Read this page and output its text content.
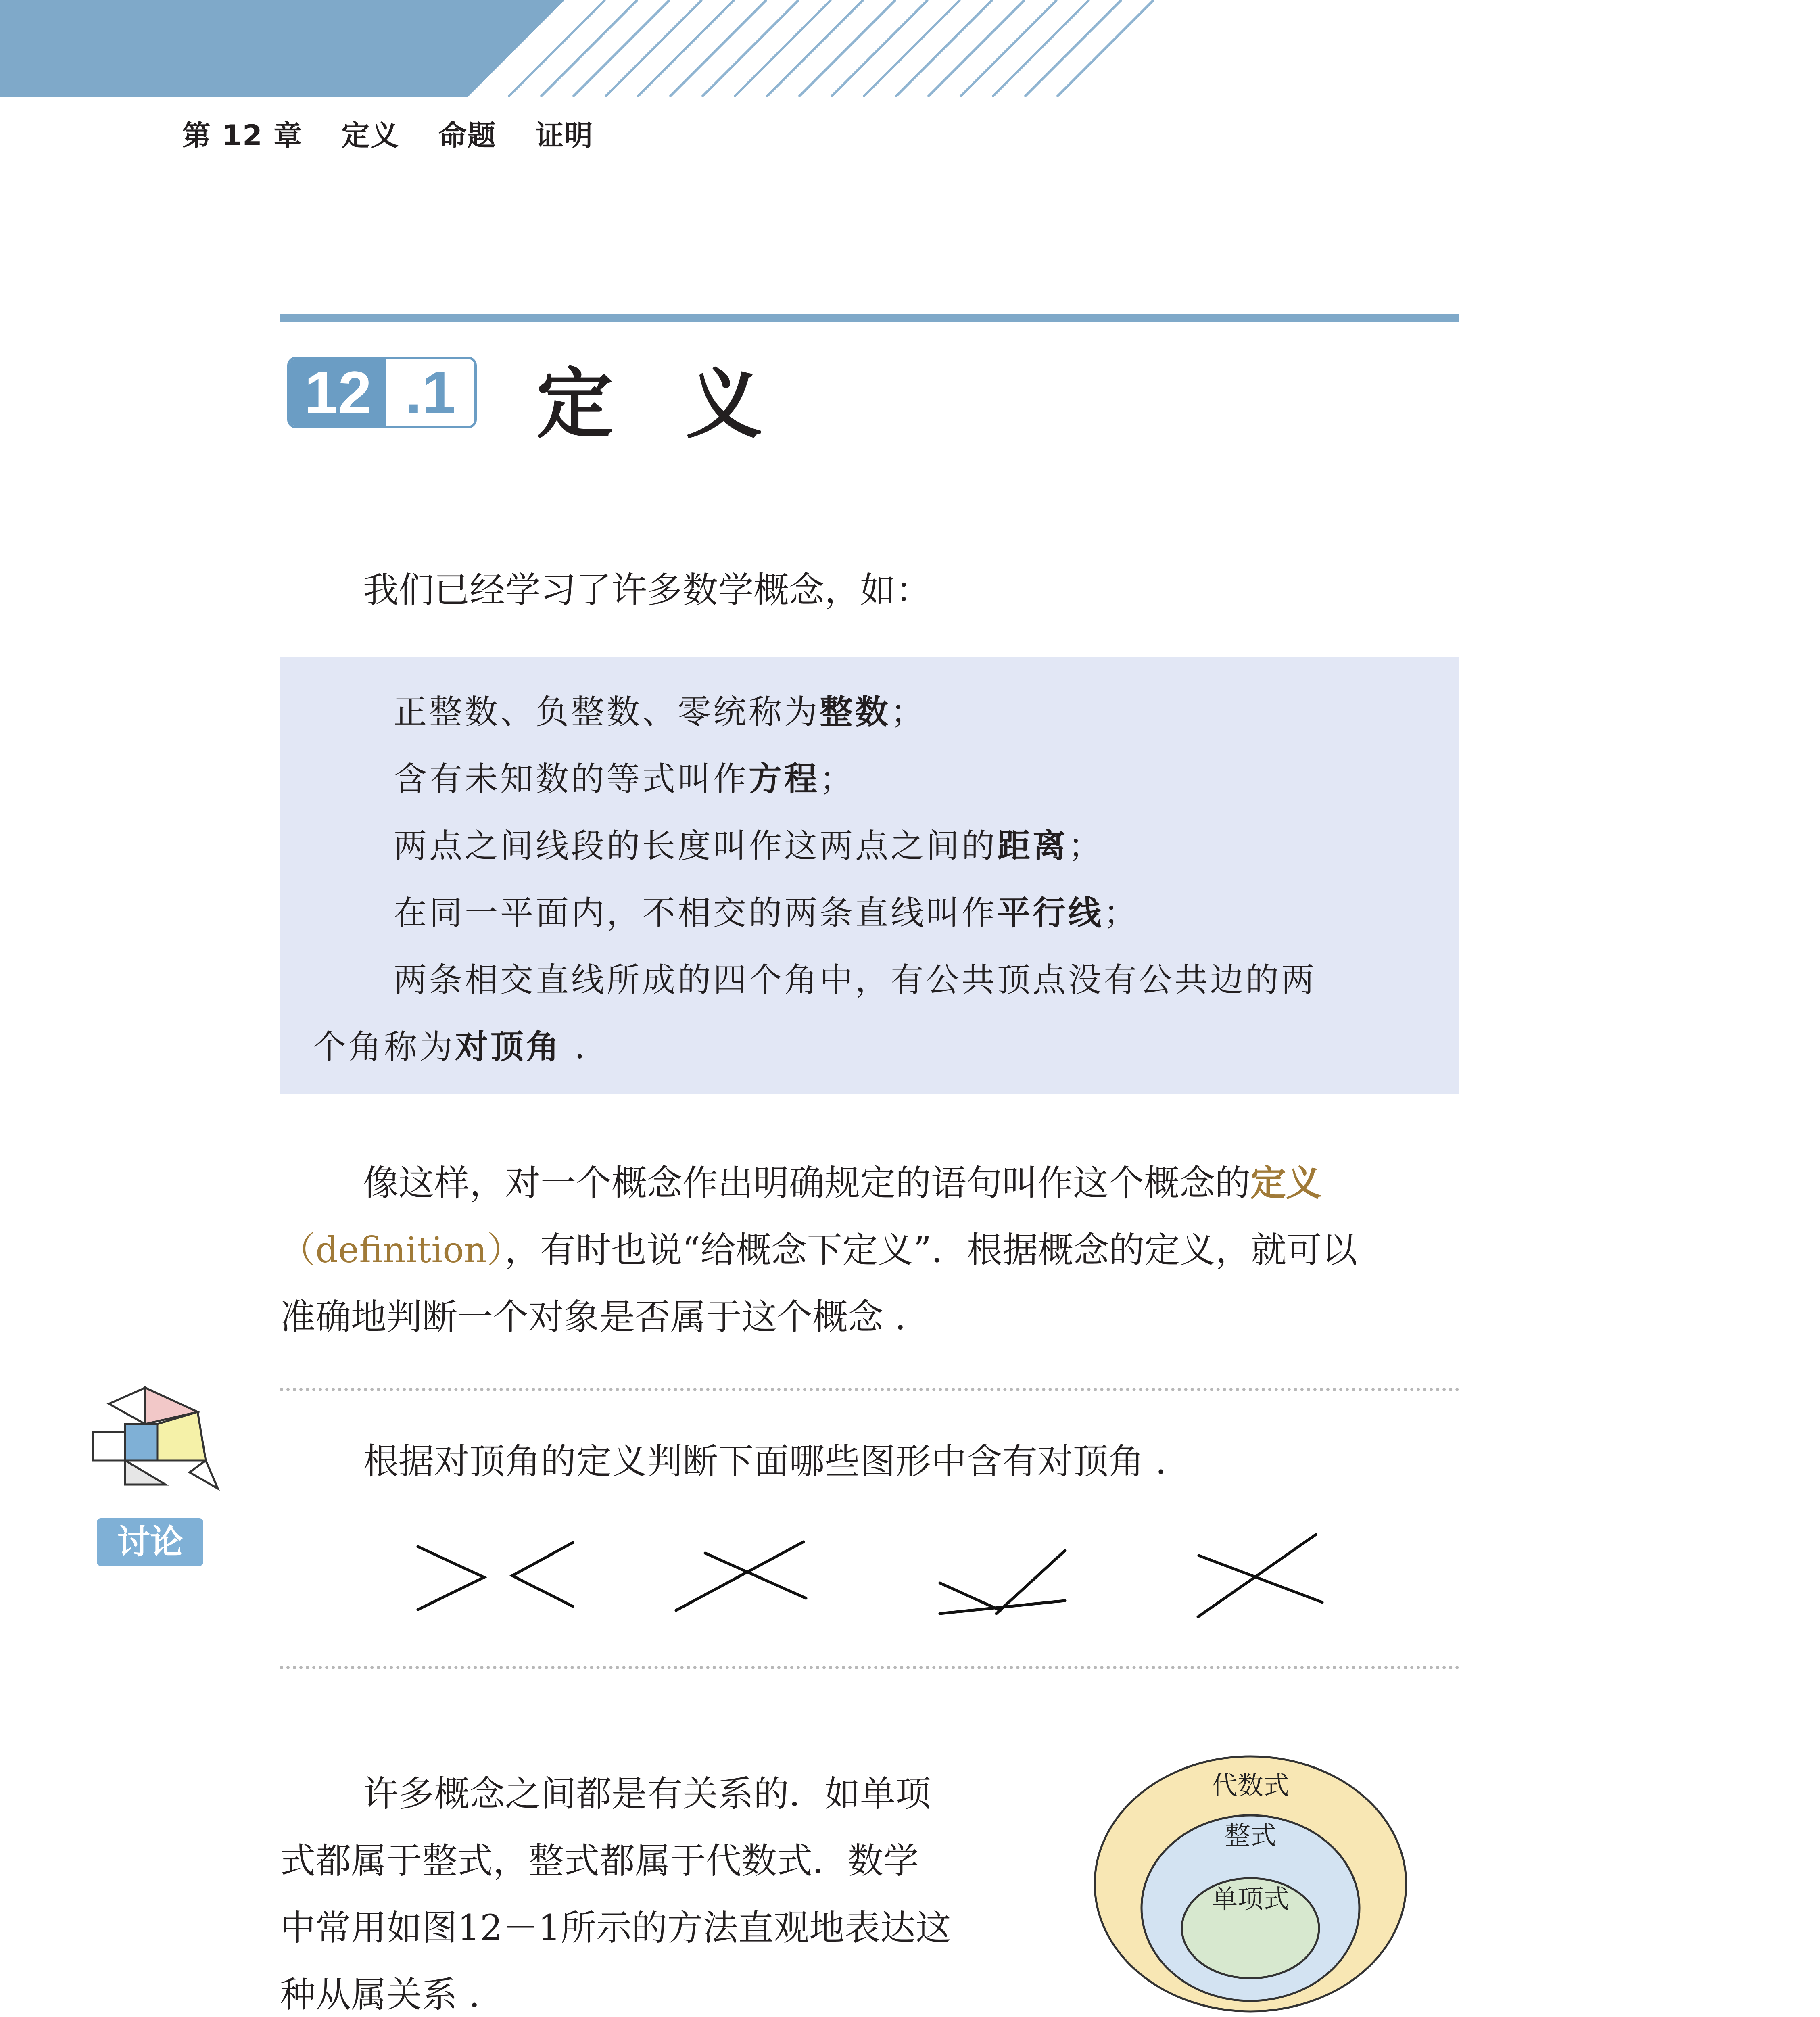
第 12 章 定义 命题 证明
12 .1 定义
我们已经学习了许多数学概念，如：
正整数、负整数、零统称为整数；
含有未知数的等式叫作方程；
两点之间线段的长度叫作这两点之间的距离；
在同一平面内，不相交的两条直线叫作平行线；
两条相交直线所成的四个角中，有公共顶点没有公共边的两
个角称为对顶角 .
像这样，对一个概念作出明确规定的语句叫作这个概念的定义
（definition），有时也说“给概念下定义”．根据概念的定义，就可以
准确地判断一个对象是否属于这个概念 .
讨论
根据对顶角的定义判断下面哪些图形中含有对顶角 .
许多概念之间都是有关系的．如单项
式都属于整式，整式都属于代数式．数学
中常用如图12－1所示的方法直观地表达这
种从属关系 .
代数式
整式
单项式
